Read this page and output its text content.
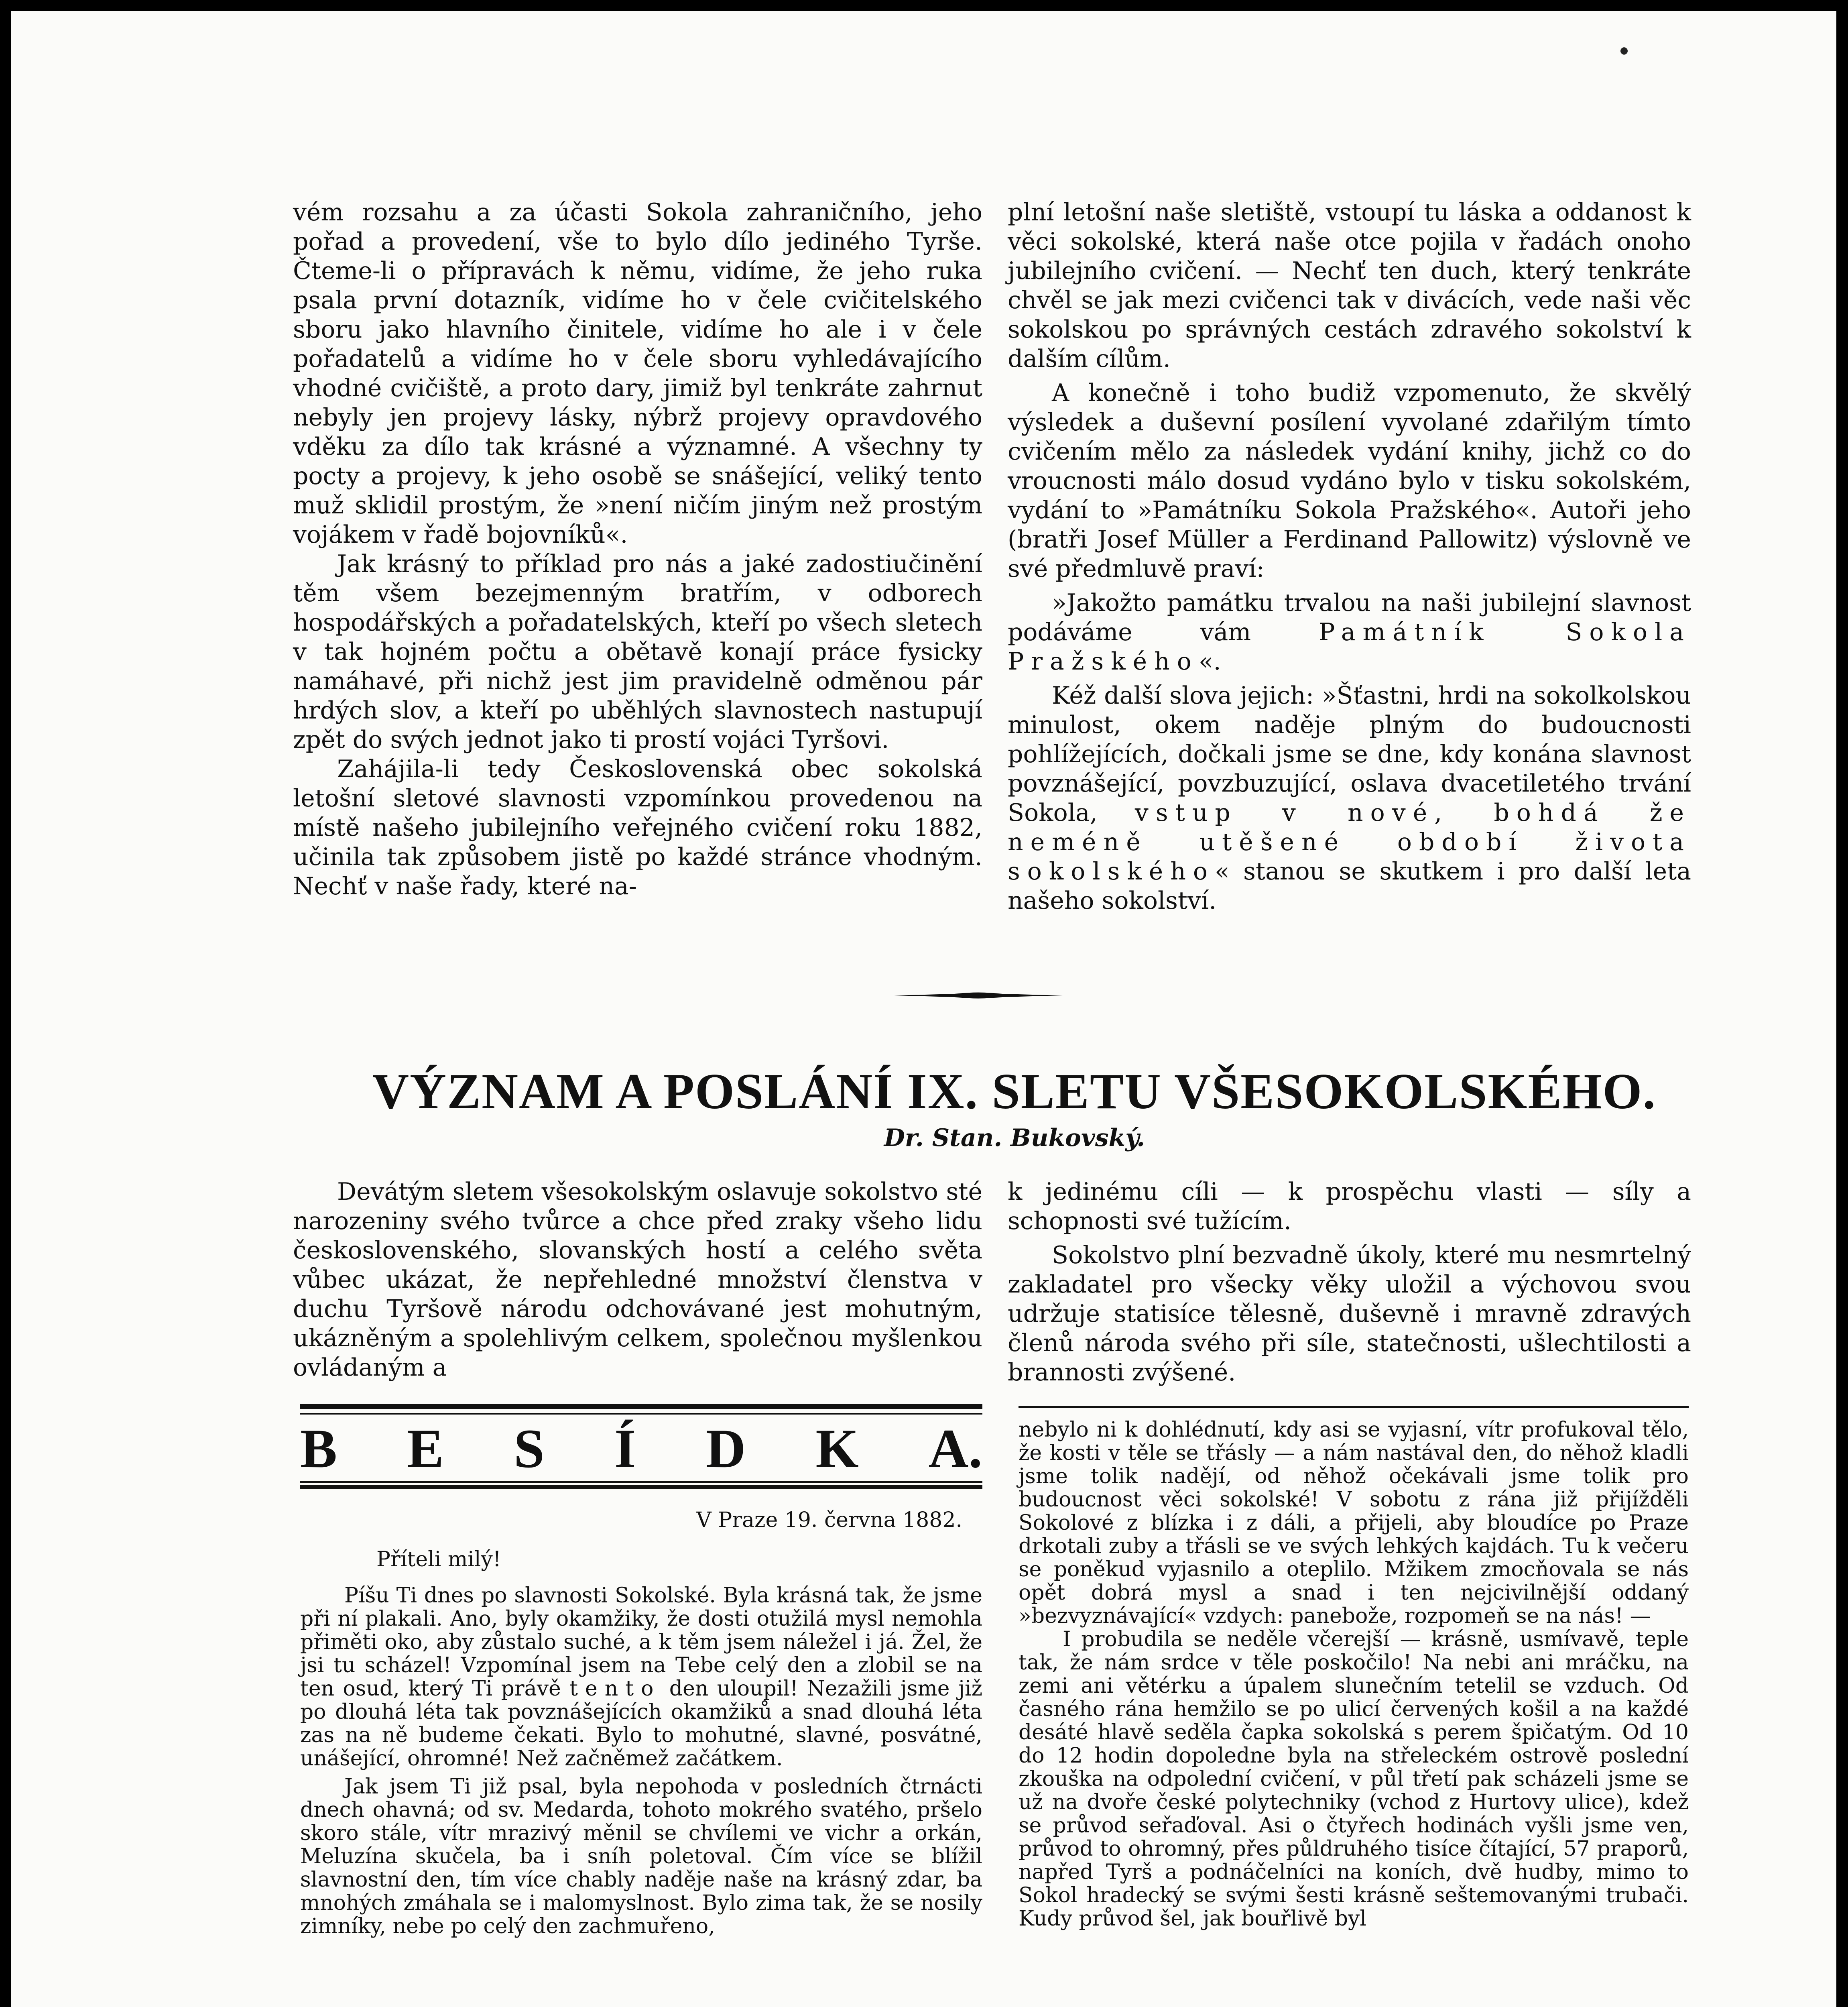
vém rozsahu a za účasti Sokola zahraničního, jeho pořad a provedení, vše to bylo dílo jediného Tyrše. Čteme-li o přípravách k němu, vidíme, že jeho ruka psala první dotazník, vidíme ho v čele cvičitelského sboru jako hlavního činitele, vidíme ho ale i v čele pořadatelů a vidíme ho v čele sboru vyhledávajícího vhodné cvičiště, a proto dary, jimiž byl tenkráte zahrnut nebyly jen projevy lásky, nýbrž projevy opravdového vděku za dílo tak krásné a významné. A všechny ty pocty a projevy, k jeho osobě se snášející, veliký tento muž sklidil prostým, že »není ničím jiným než prostým vojákem v řadě bojovníků«.

Jak krásný to příklad pro nás a jaké zadostiučinění těm všem bezejmenným bratřím, v odborech hospodářských a pořadatelských, kteří po všech sletech v tak hojném počtu a obětavě konají práce fysicky namáhavé, při nichž jest jim pravidelně odměnou pár hrdých slov, a kteří po uběhlých slavnostech nastupují zpět do svých jednot jako ti prostí vojáci Tyršovi.

Zahájila-li tedy Československá obec sokolská letošní sletové slavnosti vzpomínkou provedenou na místě našeho jubilejního veřejného cvičení roku 1882, učinila tak způsobem jistě po každé stránce vhodným. Nechť v naše řady, které na-

plní letošní naše sletiště, vstoupí tu láska a oddanost k věci sokolské, která naše otce pojila v řadách onoho jubilejního cvičení. — Nechť ten duch, který tenkráte chvěl se jak mezi cvičenci tak v divácích, vede naši věc sokolskou po správných cestách zdravého sokolství k dalším cílům.

A konečně i toho budiž vzpomenuto, že skvělý výsledek a duševní posílení vyvolané zdařilým tímto cvičením mělo za následek vydání knihy, jichž co do vroucnosti málo dosud vydáno bylo v tisku sokolském, vydání to »Památníku Sokola Pražského«. Autoři jeho (bratři Josef Müller a Ferdinand Pallowitz) výslovně ve své předmluvě praví:

»Jakožto památku trvalou na naši jubilejní slavnost podáváme vám	Památník Sokola Pražského«.

Kéž další slova jejich: »Šťastni, hrdi na sokolkolskou minulost, okem naděje plným do budoucnosti pohlížejících, dočkali jsme se dne, kdy konána slavnost povznášející, povzbuzující, oslava dvacetiletého trvání Sokola, vstup v nové, bohdá že neméně utěšené období života sokolského« stanou se skutkem i pro další leta našeho sokolství.

VÝZNAM A POSLÁNÍ IX. SLETU VŠESOKOLSKÉHO.
Dr. Stan. Bukovský.

Devátým sletem všesokolským oslavuje sokolstvo sté narozeniny svého tvůrce a chce před zraky všeho lidu československého, slovanských hostí a celého světa vůbec ukázat, že nepřehledné množství členstva v duchu Tyršově národu odchovávané jest mohutným, ukázněným a spolehlivým celkem, společnou myšlenkou ovládaným a

k jedinému cíli — k prospěchu vlasti — síly a schopnosti své tužícím.

Sokolstvo plní bezvadně úkoly, které mu nesmrtelný zakladatel pro všecky věky uložil a výchovou svou udržuje statisíce tělesně, duševně i mravně zdravých členů národa svého při síle, statečnosti, ušlechtilosti a brannosti zvýšené.

B E S Í D K A.

V Praze 19. června 1882.

Příteli milý!

Píšu Ti dnes po slavnosti Sokolské. Byla krásná tak, že jsme při ní plakali. Ano, byly okamžiky, že dosti otužilá mysl nemohla přiměti oko, aby zůstalo suché, a k těm jsem náležel i já. Žel, že jsi tu scházel! Vzpomínal jsem na Tebe celý den a zlobil se na ten osud, který Ti právě tento den uloupil! Nezažili jsme již po dlouhá léta tak povznášejících okamžiků a snad dlouhá léta zas na ně budeme čekati. Bylo to mohutné, slavné, posvátné, unášející, ohromné! Než začněmež začátkem.

Jak jsem Ti již psal, byla nepohoda v posledních čtrnácti dnech ohavná; od sv. Medarda, tohoto mokrého svatého, pršelo skoro stále, vítr mrazivý měnil se chvílemi ve vichr a orkán, Meluzína skučela, ba i sníh poletoval. Čím více se blížil slavnostní den, tím více chably naděje naše na krásný zdar, ba mnohých zmáhala se i malomyslnost. Bylo zima tak, že se nosily zimníky, nebe po celý den zachmuřeno,

nebylo ni k dohlédnutí, kdy asi se vyjasní, vítr profukoval tělo, že kosti v těle se třásly — a nám nastával den, do něhož kladli jsme tolik nadějí, od něhož očekávali jsme tolik pro budoucnost věci sokolské! V sobotu z rána již přijížděli Sokolové z blízka i z dáli, a přijeli, aby bloudíce po Praze drkotali zuby a třásli se ve svých lehkých kajdách. Tu k večeru se poněkud vyjasnilo a oteplilo. Mžikem zmocňovala se nás opět dobrá mysl a snad i ten nejcivilnější oddaný »bezvyznávající« vzdych: panebože, rozpomeň se na nás! —

I probudila se neděle včerejší — krásně, usmívavě, teple tak, že nám srdce v těle poskočilo! Na nebi ani mráčku, na zemi ani větérku a úpalem slunečním tetelil se vzduch. Od časného rána hemžilo se po ulicí červených košil a na každé desáté hlavě seděla čapka sokolská s perem špičatým. Od 10 do 12 hodin dopoledne byla na střeleckém ostrově poslední zkouška na odpolední cvičení, v půl třetí pak scházeli jsme se už na dvoře české polytechniky (vchod z Hurtovy ulice), kdež se průvod seřaďoval. Asi o čtyřech hodinách vyšli jsme ven, průvod to ohromný, přes půldruhého tisíce čítající, 57 praporů, napřed Tyrš a podnáčelníci na koních, dvě hudby, mimo to Sokol hradecký se svými šesti krásně seštemovanými trubači. Kudy průvod šel, jak bouřlivě byl
